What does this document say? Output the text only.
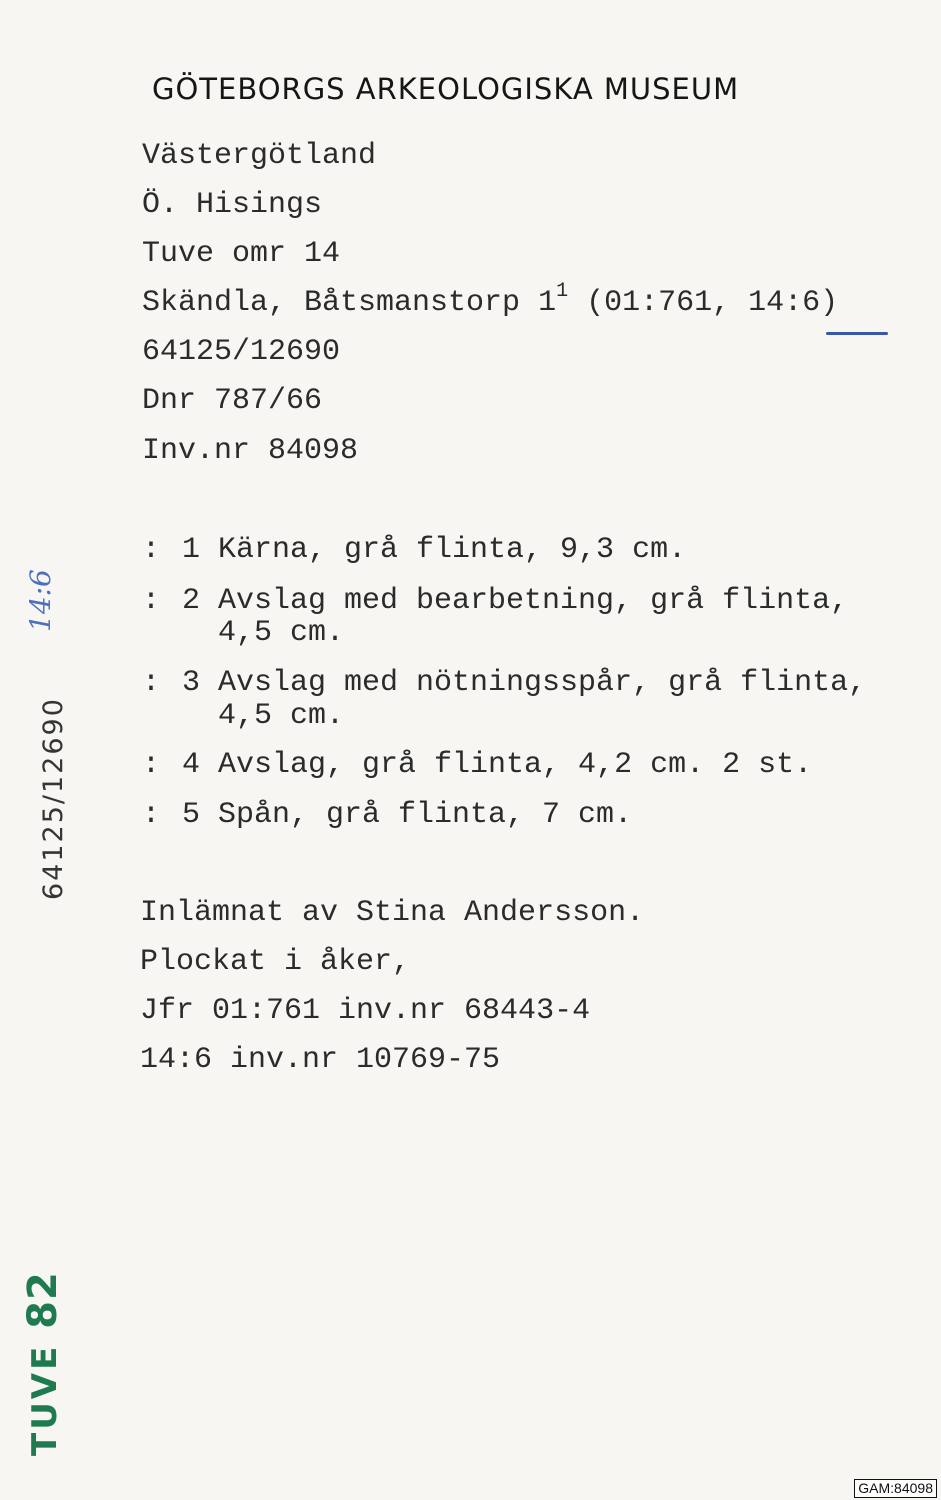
GÖTEBORGS ARKEOLOGISKA MUSEUM
Västergötland
Ö. Hisings
Tuve omr 14
Skändla, Båtsmanstorp $1^1$ (01:761, 14:6)
64125/12690
Dnr 787/66
Inv.nr 84098
: 1 Kärna, grå flinta, 9,3 cm.
: 2 Avslag med bearbetning, grå flinta,
4,5 cm.
: 3 Avslag med nötningsspår, grå flinta,
4,5 cm.
: 4 Avslag, grå flinta, 4,2 cm. 2 st.
: 5 Spån, grå flinta, 7 cm.
Inlämnat av Stina Andersson.
Plockat i åker,
Jfr 01:761 inv.nr 68443-4
14:6 inv.nr 10769-75
64125/12690
14:6
TUVE 82
GAM:84098
